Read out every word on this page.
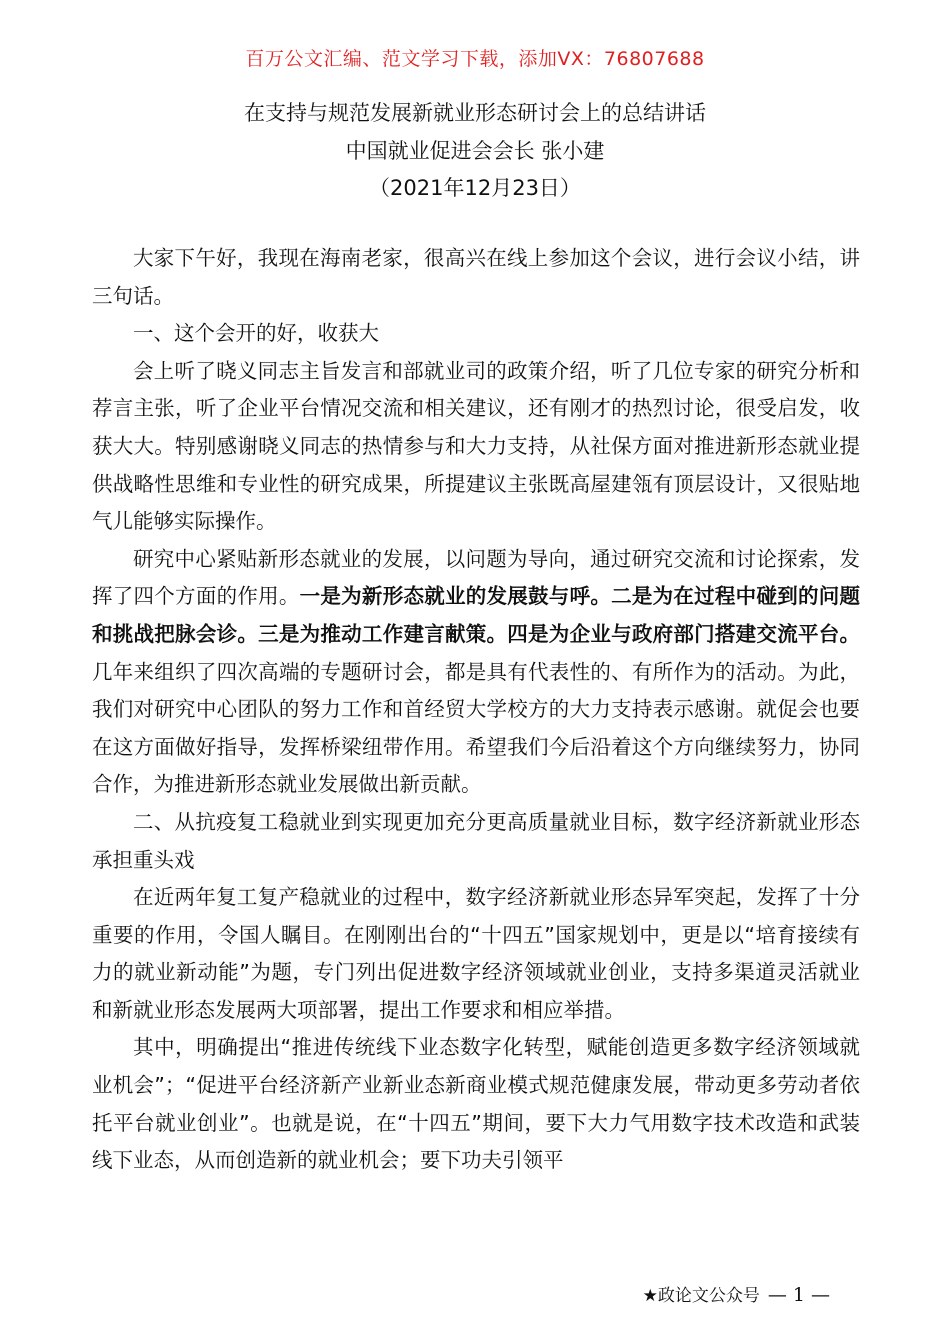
百万公文汇编、范文学习下载，添加VX：76807688
在支持与规范发展新就业形态研讨会上的总结讲话
中国就业促进会会长 张小建
（2021年12月23日）

大家下午好，我现在海南老家，很高兴在线上参加这个会议，进行会议小结，讲三句话。

一、这个会开的好，收获大

会上听了晓义同志主旨发言和部就业司的政策介绍，听了几位专家的研究分析和荐言主张，听了企业平台情况交流和相关建议，还有刚才的热烈讨论，很受启发，收获大大。特别感谢晓义同志的热情参与和大力支持，从社保方面对推进新形态就业提供战略性思维和专业性的研究成果，所提建议主张既高屋建瓴有顶层设计，又很贴地气儿能够实际操作。

研究中心紧贴新形态就业的发展，以问题为导向，通过研究交流和讨论探索，发挥了四个方面的作用。一是为新形态就业的发展鼓与呼。二是为在过程中碰到的问题和挑战把脉会诊。三是为推动工作建言献策。四是为企业与政府部门搭建交流平台。几年来组织了四次高端的专题研讨会，都是具有代表性的、有所作为的活动。为此，我们对研究中心团队的努力工作和首经贸大学校方的大力支持表示感谢。就促会也要在这方面做好指导，发挥桥梁纽带作用。希望我们今后沿着这个方向继续努力，协同合作，为推进新形态就业发展做出新贡献。

二、从抗疫复工稳就业到实现更加充分更高质量就业目标，数字经济新就业形态承担重头戏

在近两年复工复产稳就业的过程中，数字经济新就业形态异军突起，发挥了十分重要的作用，令国人瞩目。在刚刚出台的“十四五”国家规划中，更是以“培育接续有力的就业新动能”为题，专门列出促进数字经济领域就业创业，支持多渠道灵活就业和新就业形态发展两大项部署，提出工作要求和相应举措。

其中，明确提出“推进传统线下业态数字化转型，赋能创造更多数字经济领域就业机会”；“促进平台经济新产业新业态新商业模式规范健康发展，带动更多劳动者依托平台就业创业”。也就是说，在“十四五”期间，要下大力气用数字技术改造和武装线下业态，从而创造新的就业机会；要下功夫引领平

★政论文公众号 — 1 —
